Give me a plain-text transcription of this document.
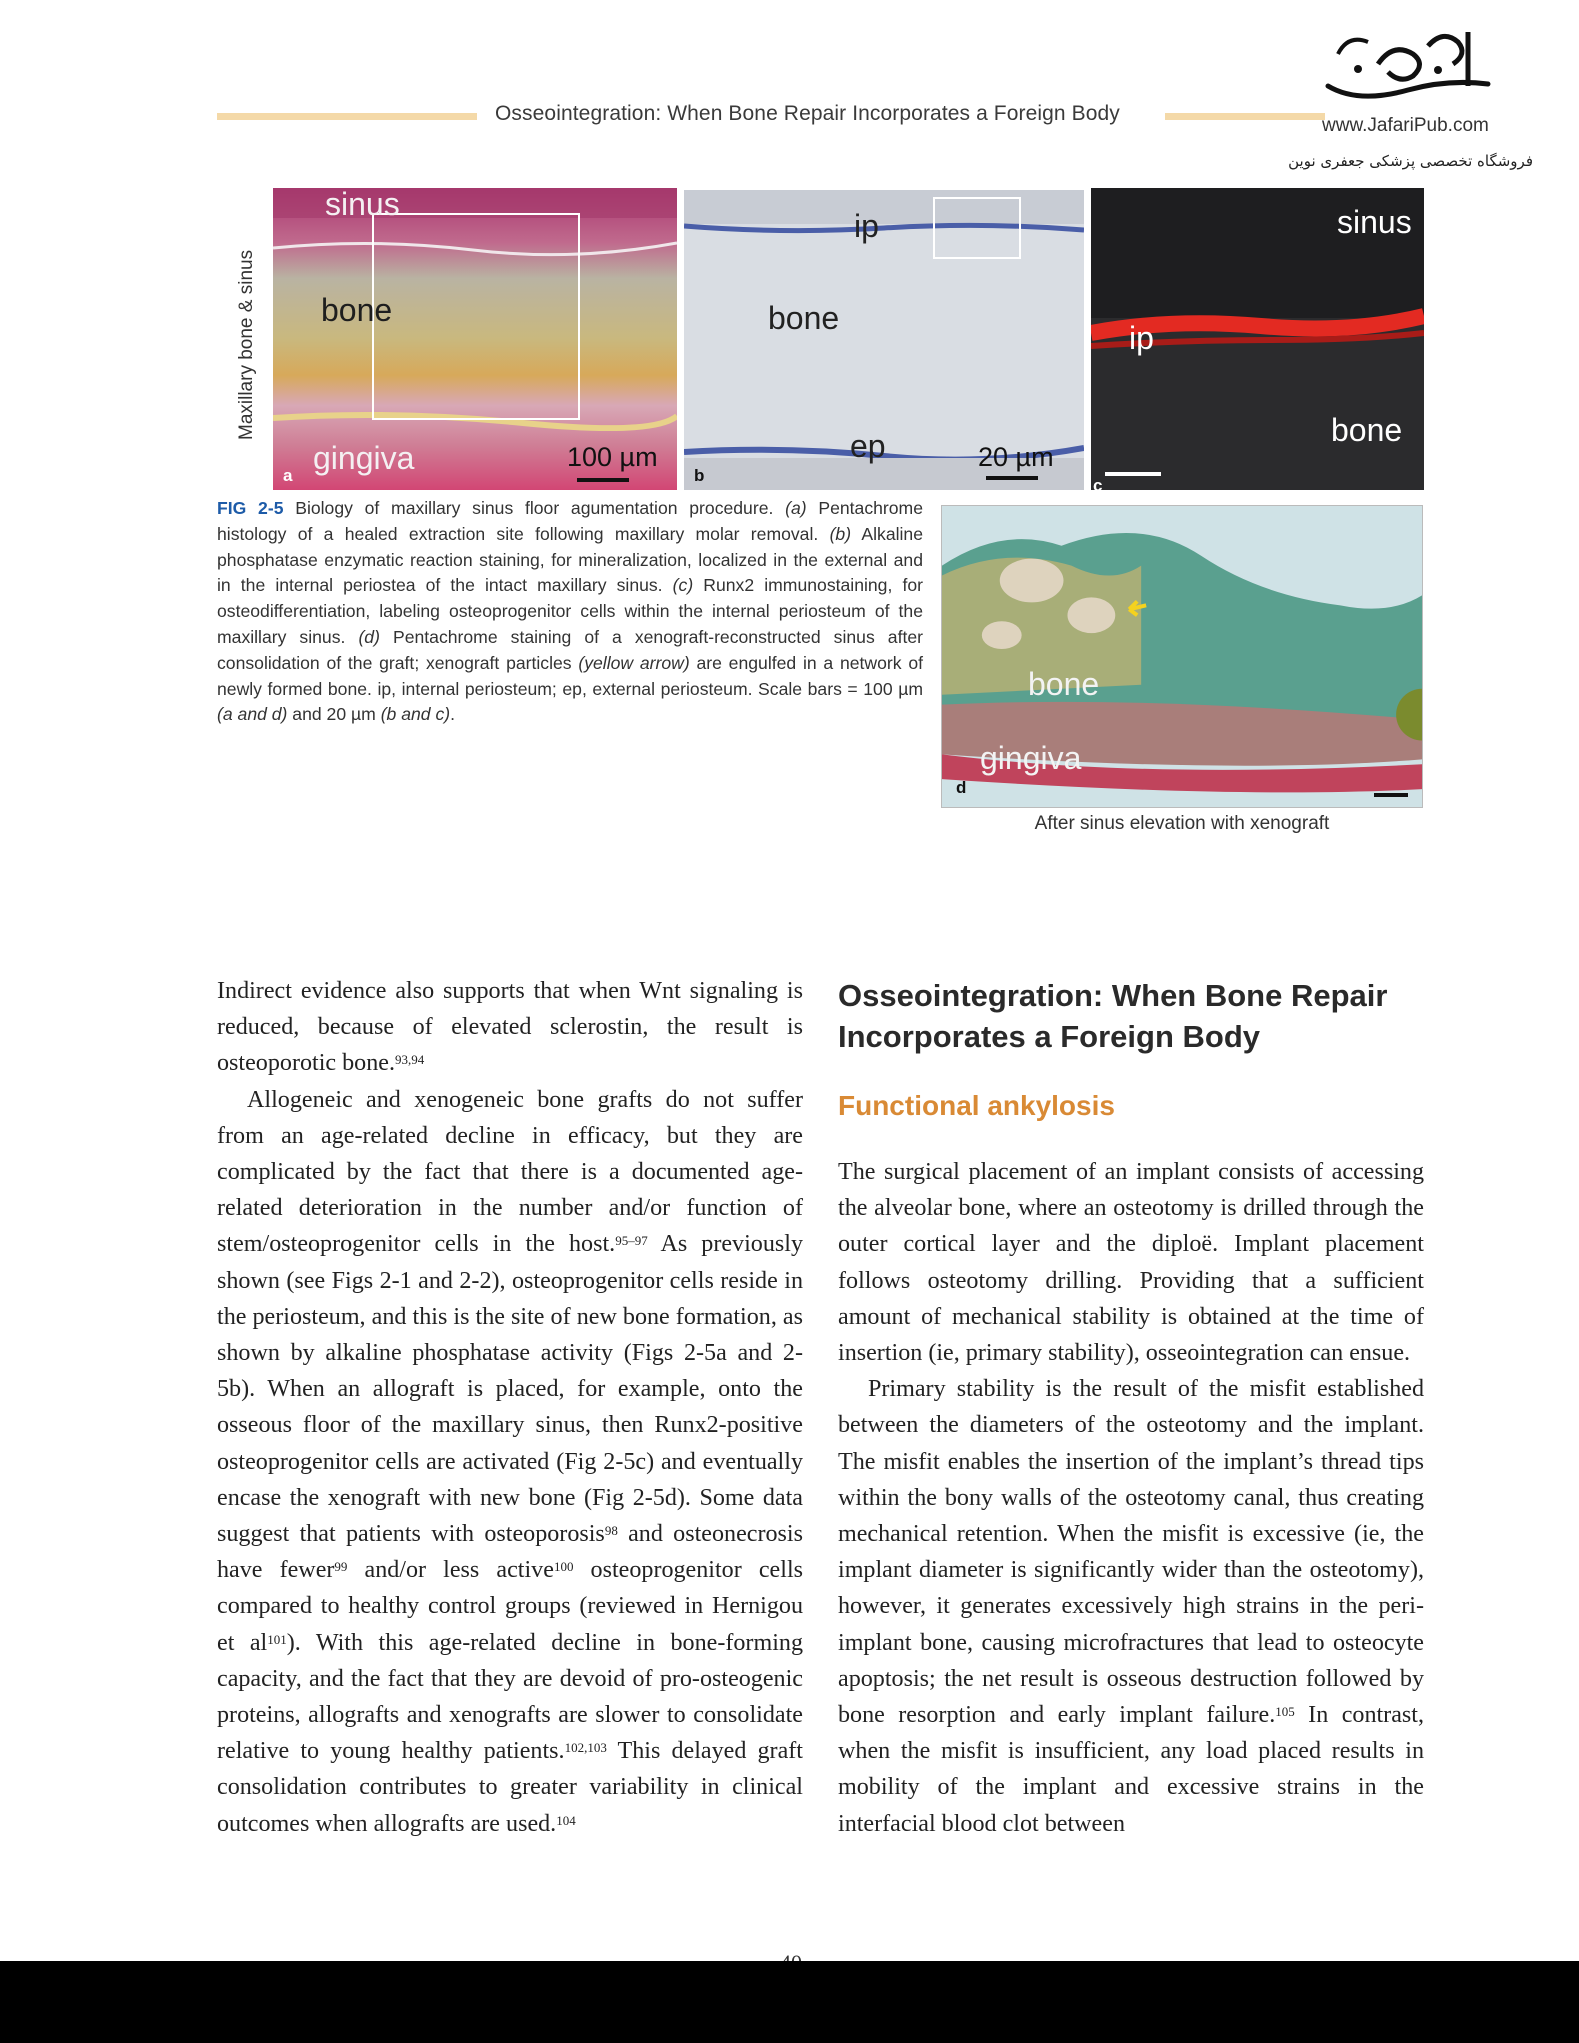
Osseointegration: When Bone Repair Incorporates a Foreign Body
www.JafariPub.com
فروشگاه تخصصی پزشکی جعفری نوین
Maxillary bone & sinus
sinus
bone
gingiva	100 µm
a
ip
bone
ep	20 µm
b
sinus
ip
bone
c
bone
gingiva
d
FIG 2-5 Biology of maxillary sinus floor agumentation procedure. (a) Pentachrome histology of a healed extraction site following maxillary molar removal. (b) Alkaline phosphatase enzymatic reaction staining, for mineralization, localized in the external and in the internal periostea of the intact maxillary sinus. (c) Runx2 immunostaining, for osteodifferentiation, labeling osteoprogenitor cells within the internal periosteum of the maxillary sinus. (d) Pentachrome staining of a xenograft-reconstructed sinus after consolidation of the graft; xenograft particles (yellow arrow) are engulfed in a network of newly formed bone. ip, internal periosteum; ep, external periosteum. Scale bars = 100 µm (a and d) and 20 µm (b and c).
After sinus elevation with xenograft

Indirect evidence also supports that when Wnt signaling is reduced, because of elevated sclerostin, the result is osteoporotic bone.$^{93,94}$

Allogeneic and xenogeneic bone grafts do not suffer from an age-related decline in efficacy, but they are complicated by the fact that there is a documented age-related deterioration in the number and/or function of stem/osteoprogenitor cells in the host.$^{95-97}$ As previously shown (see Figs 2-1 and 2-2), osteoprogenitor cells reside in the periosteum, and this is the site of new bone formation, as shown by alkaline phosphatase activity (Figs 2-5a and 2-5b). When an allograft is placed, for example, onto the osseous floor of the maxillary sinus, then Runx2-positive osteoprogenitor cells are activated (Fig 2-5c) and eventually encase the xenograft with new bone (Fig 2-5d). Some data suggest that patients with osteoporosis$^{98}$ and osteonecrosis have fewer$^{99}$ and/or less active$^{100}$ osteoprogenitor cells compared to healthy control groups (reviewed in Hernigou et $al^{101}$). With this age-related decline in bone-forming capacity, and the fact that they are devoid of pro-osteogenic proteins, allografts and xenografts are slower to consolidate relative to young healthy patients.$^{102,103}$ This delayed graft consolidation contributes to greater variability in clinical outcomes when allografts are used.$^{104}$

Osseointegration: When Bone Repair Incorporates a Foreign Body
Functional ankylosis

The surgical placement of an implant consists of accessing the alveolar bone, where an osteotomy is drilled through the outer cortical layer and the diploë. Implant placement follows osteotomy drilling. Providing that a sufficient amount of mechanical stability is obtained at the time of insertion (ie, primary stability), osseointegration can ensue.

Primary stability is the result of the misfit established between the diameters of the osteotomy and the implant. The misfit enables the insertion of the implant’s thread tips within the bony walls of the osteotomy canal, thus creating mechanical retention. When the misfit is excessive (ie, the implant diameter is significantly wider than the osteotomy), however, it generates excessively high strains in the peri-implant bone, causing microfractures that lead to osteocyte apoptosis; the net result is osseous destruction followed by bone resorption and early implant failure.$^{105}$ In contrast, when the misfit is insufficient, any load placed results in mobility of the implant and excessive strains in the interfacial blood clot between
